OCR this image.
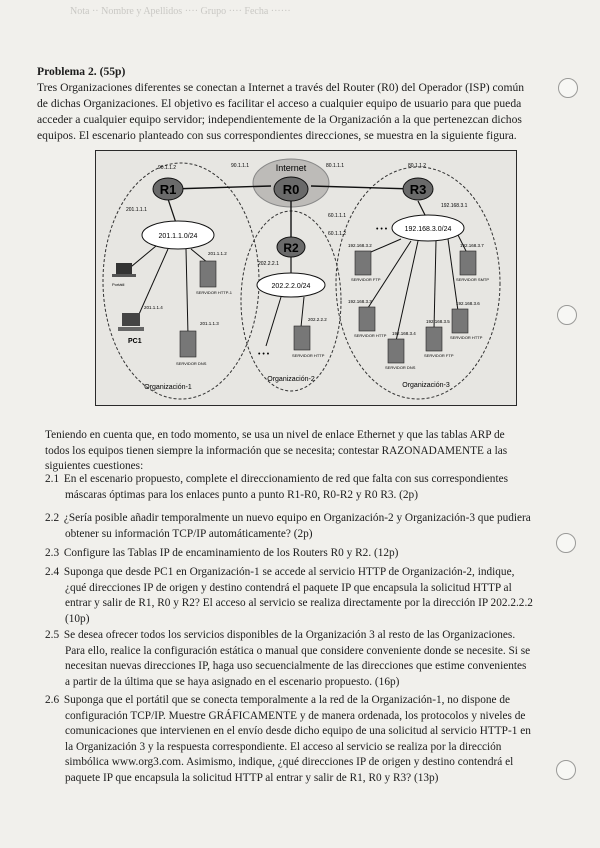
Nota ·· Nombre y Apellidos ···· Grupo ···· Fecha ······
Problema 2. (55p)
Tres Organizaciones diferentes se conectan a Internet a través del Router (R0) del Operador (ISP) común
de dichas Organizaciones. El objetivo es facilitar el acceso a cualquier equipo de usuario para que pueda
acceder a cualquier equipo servidor; independientemente de la Organización a la que pertenezcan dichos
equipos. El escenario planteado con sus correspondientes direcciones, se muestra en la siguiente figura.
R1	R0
R2
R3
Internet
90.1.1.2	90.1.1.1	80.1.1.1	80.1.1.2
60.1.1.1
60.1.1.2
201.1.1.1
202.2.2.1
192.168.3.1
201.1.1.0/24
202.2.2.0/24
192.168.3.0/24
Portátil
PC1
201.1.1.4
SERVIDOR HTTP-1
201.1.1.2
SERVIDOR DNS
201.1.1.3
SERVIDOR HTTP
202.2.2.2
• • •
192.168.3.2
SERVIDOR FTP
192.168.3.3
SERVIDOR HTTP 192.168.3.4
SERVIDOR DNS
192.168.3.5
SERVIDOR FTP
192.168.3.6
SERVIDOR HTTP
192.168.3.7
SERVIDOR SMTP
• • •
Organización-1
Organización-2
Organización-3
Teniendo en cuenta que, en todo momento, se usa un nivel de enlace Ethernet y que las tablas ARP de
todos los equipos tienen siempre la información que se necesita; contestar RAZONADAMENTE a las
siguientes cuestiones:
2.1 En el escenario propuesto, complete el direccionamiento de red que falta con sus correspondientes
máscaras óptimas para los enlaces punto a punto R1-R0, R0-R2 y R0 R3. (2p)
2.2 ¿Sería posible añadir temporalmente un nuevo equipo en Organización-2 y Organización-3 que pudiera
obtener su información TCP/IP automáticamente? (2p)
2.3 Configure las Tablas IP de encaminamiento de los Routers R0 y R2. (12p)
2.4 Suponga que desde PC1 en Organización-1 se accede al servicio HTTP de Organización-2, indique,
¿qué direcciones IP de origen y destino contendrá el paquete IP que encapsula la solicitud HTTP al
entrar y salir de R1, R0 y R2? El acceso al servicio se realiza directamente por la dirección IP 202.2.2.2
(10p)
2.5 Se desea ofrecer todos los servicios disponibles de la Organización 3 al resto de las Organizaciones.
Para ello, realice la configuración estática o manual que considere conveniente donde se necesite. Si se
necesitan nuevas direcciones IP, haga uso secuencialmente de las direcciones que estime convenientes
a partir de la última que se haya asignado en el escenario propuesto. (16p)
2.6 Suponga que el portátil que se conecta temporalmente a la red de la Organización-1, no dispone de
configuración TCP/IP. Muestre GRÁFICAMENTE y de manera ordenada, los protocolos y niveles de
comunicaciones que intervienen en el envío desde dicho equipo de una solicitud al servicio HTTP-1 en
la Organización 3 y la respuesta correspondiente. El acceso al servicio se realiza por la dirección
simbólica www.org3.com. Asimismo, indique, ¿qué direcciones IP de origen y destino contendrá el
paquete IP que encapsula la solicitud HTTP al entrar y salir de R1, R0 y R3? (13p)
